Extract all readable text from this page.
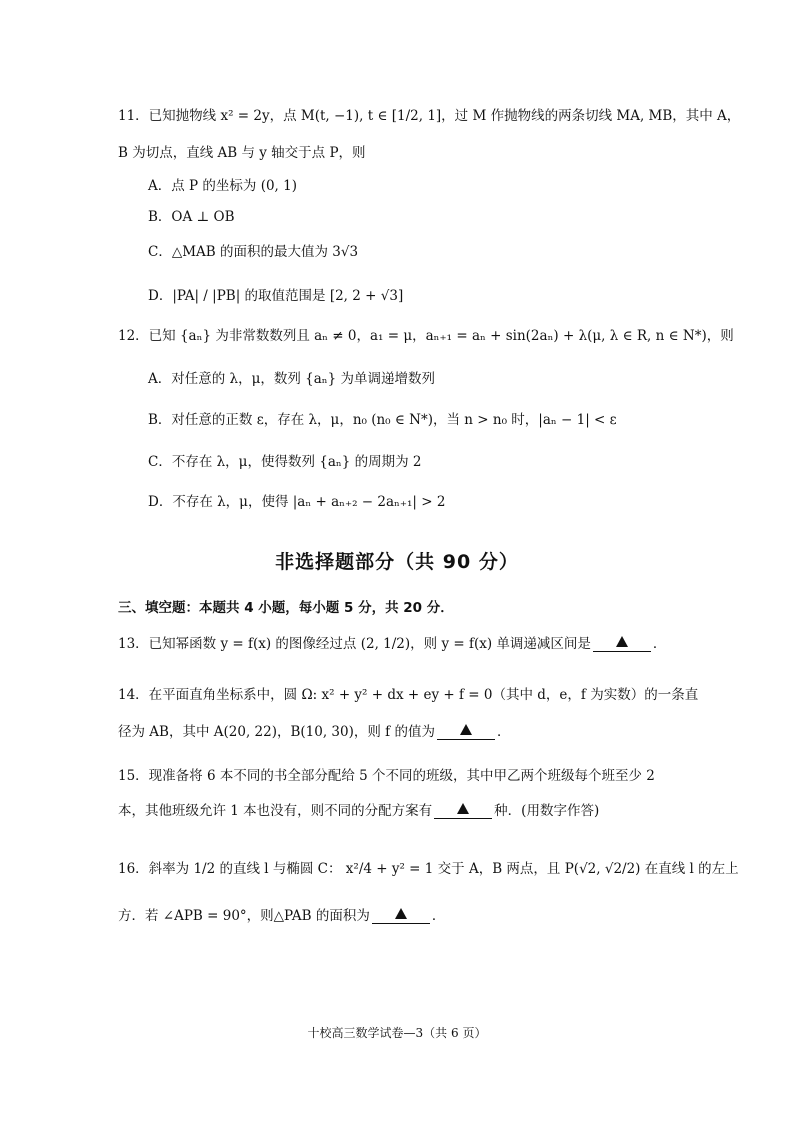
11．已知抛物线 x² = 2y，点 M(t, −1), t ∈ [1/2, 1]，过 M 作抛物线的两条切线 MA, MB，其中 A，
B 为切点，直线 AB 与 y 轴交于点 P，则
A．点 P 的坐标为 (0, 1)
B．OA ⊥ OB
C．△MAB 的面积的最大值为 3√3
D．|PA| / |PB| 的取值范围是 [2, 2 + √3]
12．已知 {aₙ} 为非常数数列且 aₙ ≠ 0，a₁ = μ，aₙ₊₁ = aₙ + sin(2aₙ) + λ(μ, λ ∈ R, n ∈ N*)，则
A．对任意的 λ，μ，数列 {aₙ} 为单调递增数列
B．对任意的正数 ε，存在 λ，μ，n₀ (n₀ ∈ N*)，当 n > n₀ 时，|aₙ − 1| < ε
C．不存在 λ，μ，使得数列 {aₙ} 的周期为 2
D．不存在 λ，μ，使得 |aₙ + aₙ₊₂ − 2aₙ₊₁| > 2
非选择题部分（共 90 分）
三、填空题：本题共 4 小题，每小题 5 分，共 20 分．
13．已知幂函数 y = f(x) 的图像经过点 (2, 1/2)，则 y = f(x) 单调递减区间是	．
14．在平面直角坐标系中，圆 Ω: x² + y² + dx + ey + f = 0（其中 d，e，f 为实数）的一条直
径为 AB，其中 A(20, 22)，B(10, 30)，则 f 的值为	．
15．现准备将 6 本不同的书全部分配给 5 个不同的班级，其中甲乙两个班级每个班至少 2
本，其他班级允许 1 本也没有，则不同的分配方案有	种．(用数字作答)
16．斜率为 1/2 的直线 l 与椭圆 C： x²/4 + y² = 1 交于 A，B 两点，且 P(√2, √2/2) 在直线 l 的左上
方．若 ∠APB = 90°，则△PAB 的面积为	．
十校高三数学试卷—3（共 6 页）
